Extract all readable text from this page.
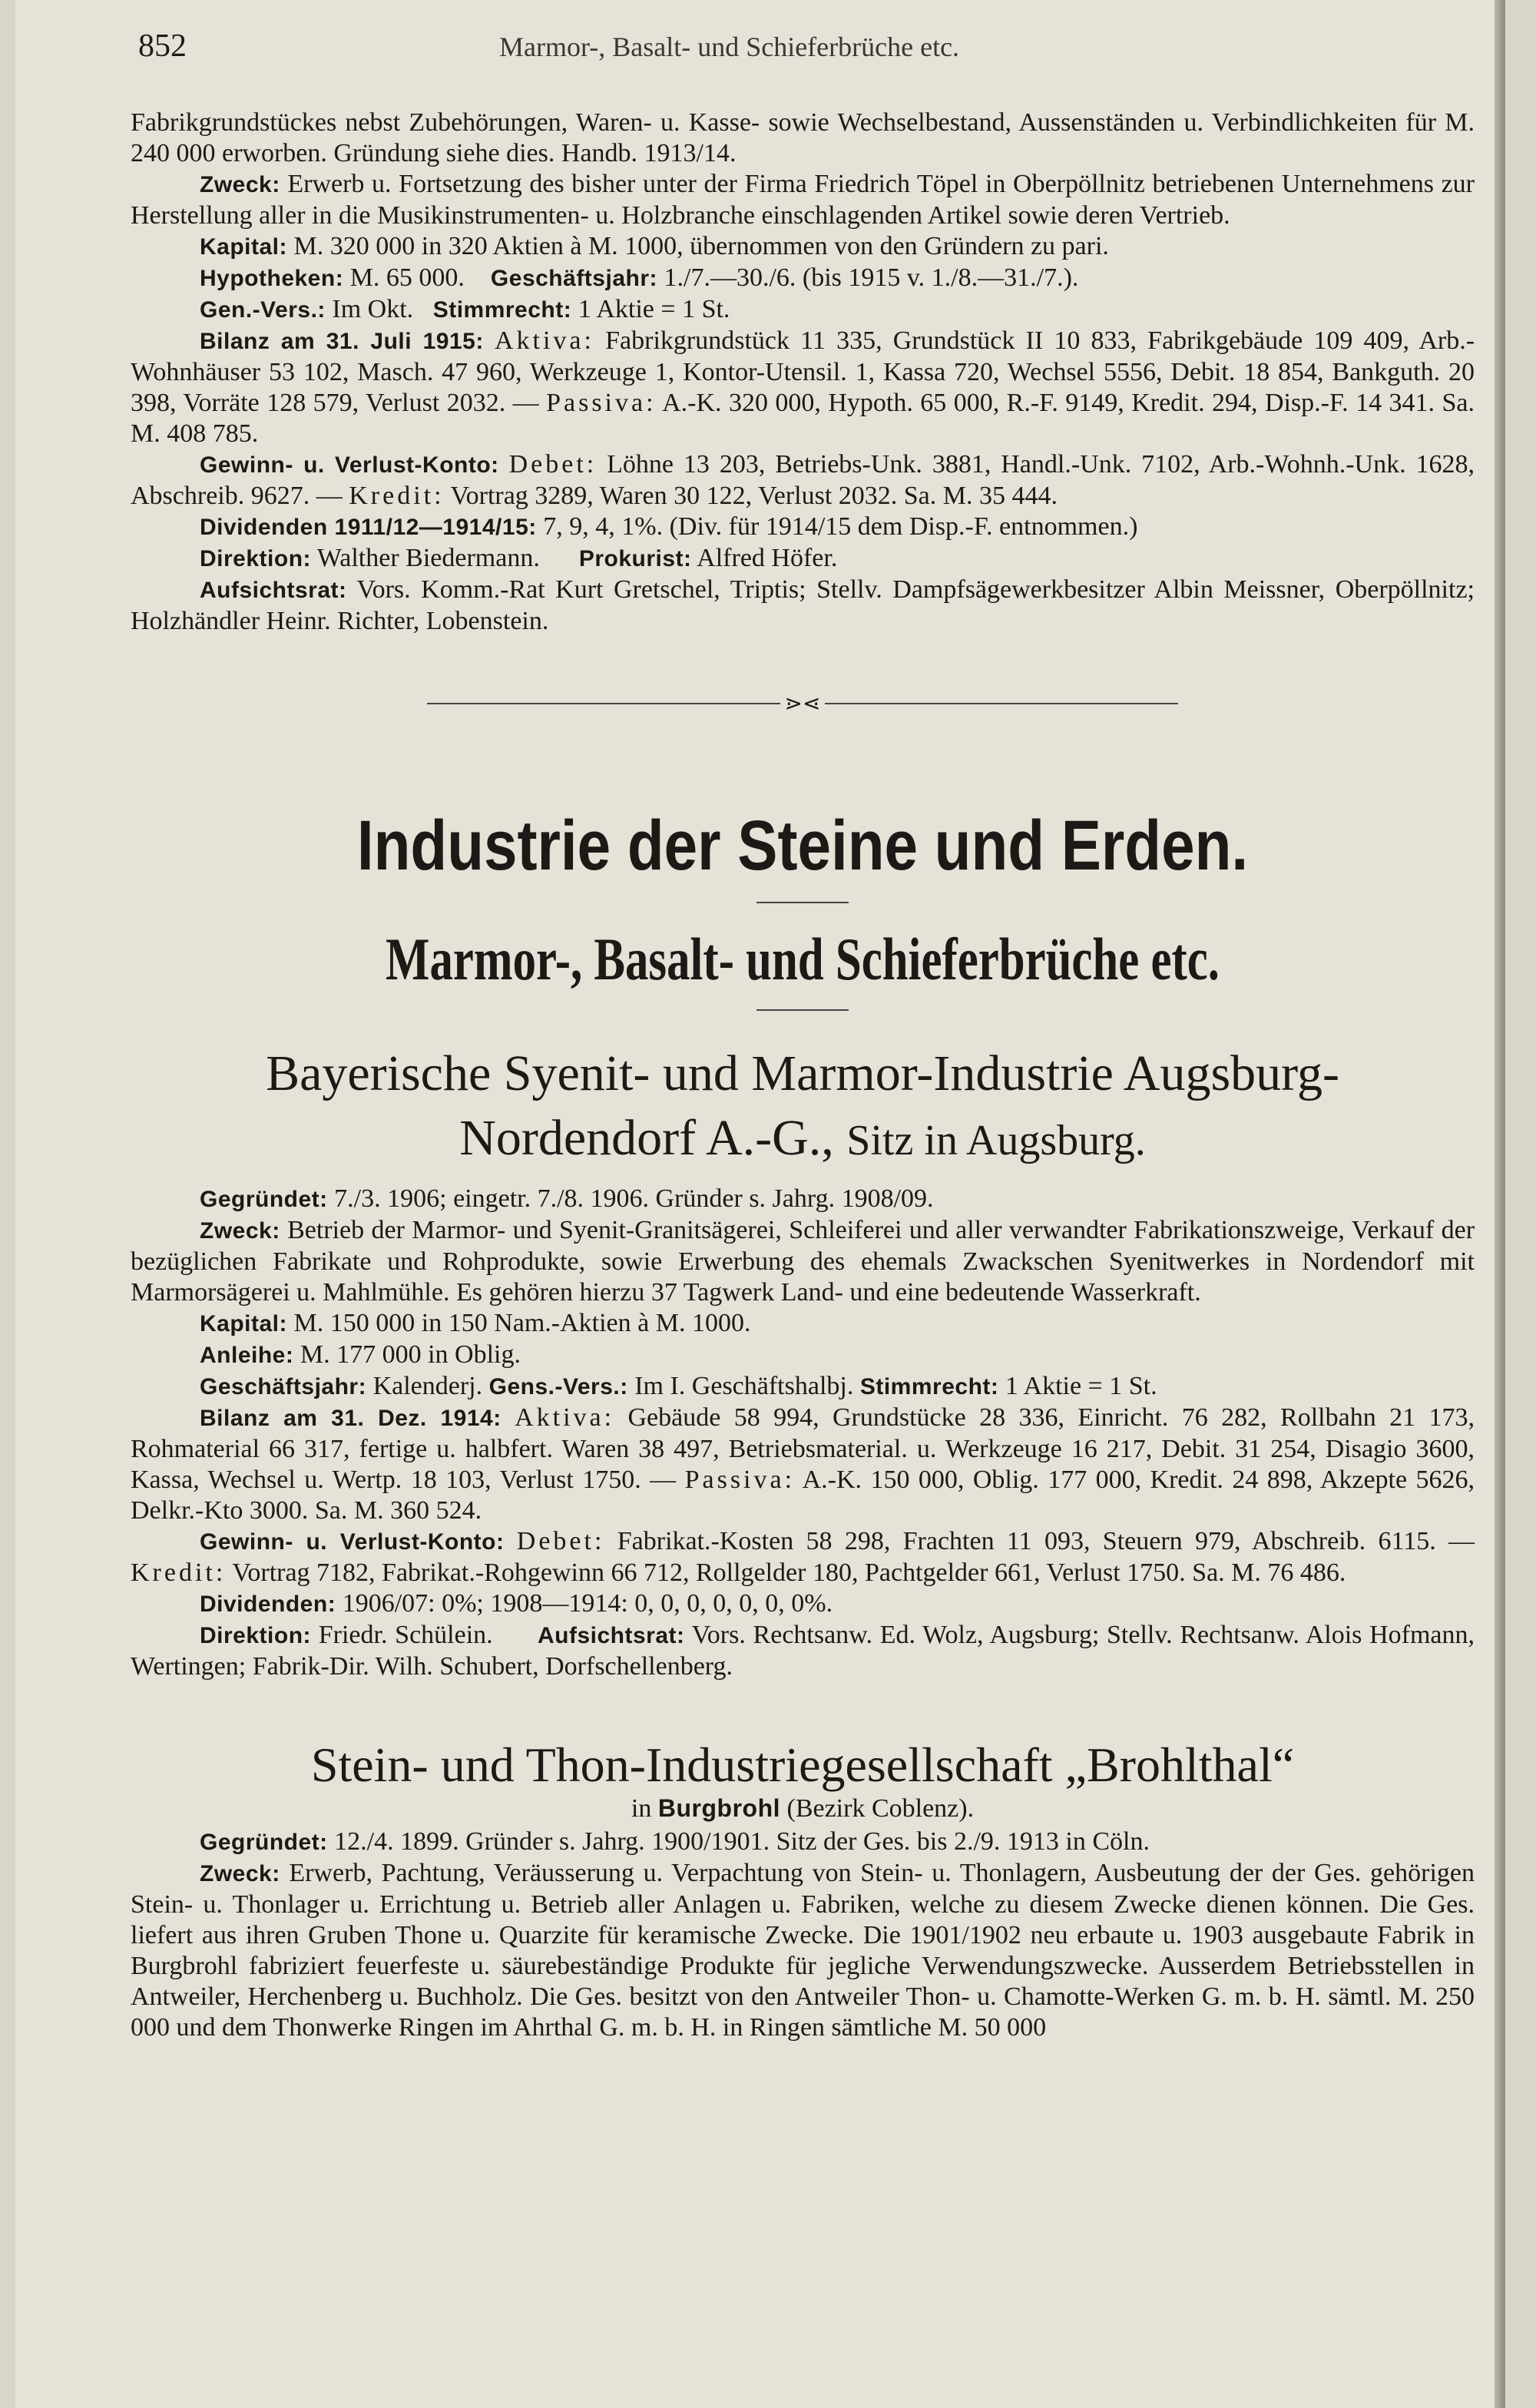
852	Marmor-, Basalt- und Schieferbrüche etc.

Fabrikgrundstückes nebst Zubehörungen, Waren- u. Kasse- sowie Wechselbestand, Aussenständen u. Verbindlichkeiten für M. 240 000 erworben. Gründung siehe dies. Handb. 1913/14.

Zweck: Erwerb u. Fortsetzung des bisher unter der Firma Friedrich Töpel in Oberpöllnitz betriebenen Unternehmens zur Herstellung aller in die Musikinstrumenten- u. Holzbranche einschlagenden Artikel sowie deren Vertrieb.

Kapital: M. 320 000 in 320 Aktien à M. 1000, übernommen von den Gründern zu pari.

Hypotheken: M. 65 000. Geschäftsjahr: 1./7.—30./6. (bis 1915 v. 1./8.—31./7.).

Gen.-Vers.: Im Okt. Stimmrecht: 1 Aktie = 1 St.

Bilanz am 31. Juli 1915: Aktiva: Fabrikgrundstück 11 335, Grundstück II 10 833, Fabrikgebäude 109 409, Arb.-Wohnhäuser 53 102, Masch. 47 960, Werkzeuge 1, Kontor-Utensil. 1, Kassa 720, Wechsel 5556, Debit. 18 854, Bankguth. 20 398, Vorräte 128 579, Verlust 2032. — Passiva: A.-K. 320 000, Hypoth. 65 000, R.-F. 9149, Kredit. 294, Disp.-F. 14 341. Sa. M. 408 785.

Gewinn- u. Verlust-Konto: Debet: Löhne 13 203, Betriebs-Unk. 3881, Handl.-Unk. 7102, Arb.-Wohnh.-Unk. 1628, Abschreib. 9627. — Kredit: Vortrag 3289, Waren 30 122, Verlust 2032. Sa. M. 35 444.

Dividenden 1911/12—1914/15: 7, 9, 4, 1%. (Div. für 1914/15 dem Disp.-F. entnommen.)

Direktion: Walther Biedermann. Prokurist: Alfred Höfer.

Aufsichtsrat: Vors. Komm.-Rat Kurt Gretschel, Triptis; Stellv. Dampfsägewerkbesitzer Albin Meissner, Oberpöllnitz; Holzhändler Heinr. Richter, Lobenstein.

⋗⋖
Industrie der Steine und Erden.
Marmor-, Basalt- und Schieferbrüche etc.
Bayerische Syenit- und Marmor-Industrie Augsburg-
Nordendorf A.-G., Sitz in Augsburg.

Gegründet: 7./3. 1906; eingetr. 7./8. 1906. Gründer s. Jahrg. 1908/09.

Zweck: Betrieb der Marmor- und Syenit-Granitsägerei, Schleiferei und aller verwandter Fabrikationszweige, Verkauf der bezüglichen Fabrikate und Rohprodukte, sowie Erwerbung des ehemals Zwackschen Syenitwerkes in Nordendorf mit Marmorsägerei u. Mahlmühle. Es gehören hierzu 37 Tagwerk Land- und eine bedeutende Wasserkraft.

Kapital: M. 150 000 in 150 Nam.-Aktien à M. 1000.

Anleihe: M. 177 000 in Oblig.

Geschäftsjahr: Kalenderj. Gens.-Vers.: Im I. Geschäftshalbj. Stimmrecht: 1 Aktie = 1 St.

Bilanz am 31. Dez. 1914: Aktiva: Gebäude 58 994, Grundstücke 28 336, Einricht. 76 282, Rollbahn 21 173, Rohmaterial 66 317, fertige u. halbfert. Waren 38 497, Betriebsmaterial. u. Werkzeuge 16 217, Debit. 31 254, Disagio 3600, Kassa, Wechsel u. Wertp. 18 103, Verlust 1750. — Passiva: A.-K. 150 000, Oblig. 177 000, Kredit. 24 898, Akzepte 5626, Delkr.-Kto 3000. Sa. M. 360 524.

Gewinn- u. Verlust-Konto: Debet: Fabrikat.-Kosten 58 298, Frachten 11 093, Steuern 979, Abschreib. 6115. — Kredit: Vortrag 7182, Fabrikat.-Rohgewinn 66 712, Rollgelder 180, Pachtgelder 661, Verlust 1750. Sa. M. 76 486.

Dividenden: 1906/07: 0%; 1908—1914: 0, 0, 0, 0, 0, 0, 0%.

Direktion: Friedr. Schülein. Aufsichtsrat: Vors. Rechtsanw. Ed. Wolz, Augsburg; Stellv. Rechtsanw. Alois Hofmann, Wertingen; Fabrik-Dir. Wilh. Schubert, Dorfschellenberg.

Stein- und Thon-Industriegesellschaft „Brohlthal“
in Burgbrohl (Bezirk Coblenz).

Gegründet: 12./4. 1899. Gründer s. Jahrg. 1900/1901. Sitz der Ges. bis 2./9. 1913 in Cöln.

Zweck: Erwerb, Pachtung, Veräusserung u. Verpachtung von Stein- u. Thonlagern, Ausbeutung der der Ges. gehörigen Stein- u. Thonlager u. Errichtung u. Betrieb aller Anlagen u. Fabriken, welche zu diesem Zwecke dienen können. Die Ges. liefert aus ihren Gruben Thone u. Quarzite für keramische Zwecke. Die 1901/1902 neu erbaute u. 1903 ausgebaute Fabrik in Burgbrohl fabriziert feuerfeste u. säurebeständige Produkte für jegliche Verwendungszwecke. Ausserdem Betriebsstellen in Antweiler, Herchenberg u. Buchholz. Die Ges. besitzt von den Antweiler Thon- u. Chamotte-Werken G. m. b. H. sämtl. M. 250 000 und dem Thonwerke Ringen im Ahrthal G. m. b. H. in Ringen sämtliche M. 50 000
